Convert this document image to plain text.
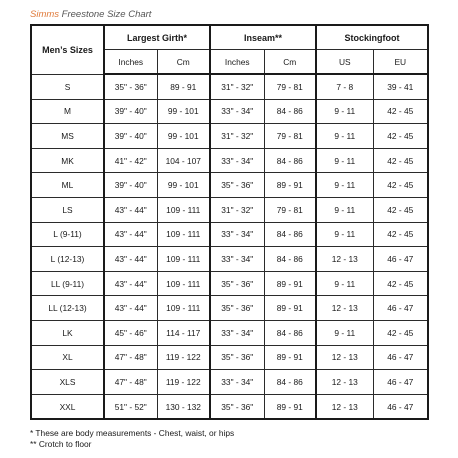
Simms Freestone Size Chart
Men’s Sizes	Largest Girth*		Inseam**		Stockingfoot	
	Inches	Cm	Inches	Cm	US	EU
S	35" - 36"	89 - 91	31" - 32"	79 - 81	7 - 8	39 - 41
M	39" - 40"	99 - 101	33" - 34"	84 - 86	9 - 11	42 - 45
MS	39" - 40"	99 - 101	31" - 32"	79 - 81	9 - 11	42 - 45
MK	41" - 42"	104 - 107	33" - 34"	84 - 86	9 - 11	42 - 45
ML	39" - 40"	99 - 101	35" - 36"	89 - 91	9 - 11	42 - 45
LS	43" - 44"	109 - 111	31" - 32"	79 - 81	9 - 11	42 - 45
L (9-11)	43" - 44"	109 - 111	33" - 34"	84 - 86	9 - 11	42 - 45
L (12-13)	43" - 44"	109 - 111	33" - 34"	84 - 86	12 - 13	46 - 47
LL (9-11)	43" - 44"	109 - 111	35" - 36"	89 - 91	9 - 11	42 - 45
LL (12-13)	43" - 44"	109 - 111	35" - 36"	89 - 91	12 - 13	46 - 47
LK	45" - 46"	114 - 117	33" - 34"	84 - 86	9 - 11	42 - 45
XL	47" - 48"	119 - 122	35" - 36"	89 - 91	12 - 13	46 - 47
XLS	47" - 48"	119 - 122	33" - 34"	84 - 86	12 - 13	46 - 47
XXL	51" - 52"	130 - 132	35" - 36"	89 - 91	12 - 13	46 - 47
* These are body measurements - Chest, waist, or hips
** Crotch to floor
